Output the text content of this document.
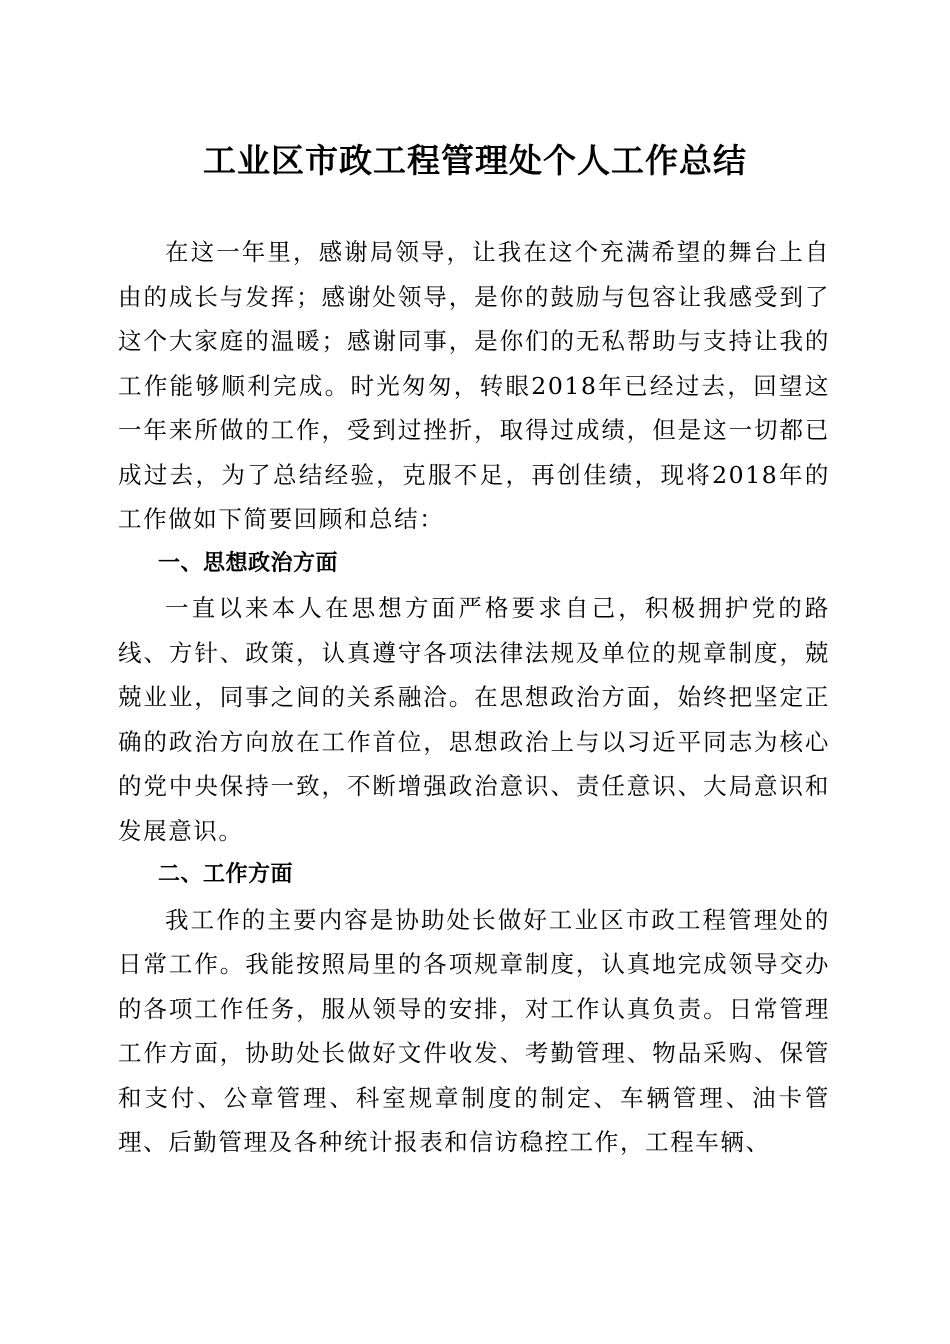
工业区市政工程管理处个人工作总结

在这一年里，感谢局领导，让我在这个充满希望的舞台上自由的成长与发挥；感谢处领导，是你的鼓励与包容让我感受到了这个大家庭的温暖；感谢同事，是你们的无私帮助与支持让我的工作能够顺利完成。时光匆匆，转眼2018年已经过去，回望这一年来所做的工作，受到过挫折，取得过成绩，但是这一切都已成过去，为了总结经验，克服不足，再创佳绩，现将2018年的工作做如下简要回顾和总结：

一、思想政治方面

一直以来本人在思想方面严格要求自己，积极拥护党的路线、方针、政策，认真遵守各项法律法规及单位的规章制度，兢兢业业，同事之间的关系融洽。在思想政治方面，始终把坚定正确的政治方向放在工作首位，思想政治上与以习近平同志为核心的党中央保持一致，不断增强政治意识、责任意识、大局意识和发展意识。

二、工作方面

我工作的主要内容是协助处长做好工业区市政工程管理处的日常工作。我能按照局里的各项规章制度，认真地完成领导交办的各项工作任务，服从领导的安排，对工作认真负责。日常管理工作方面，协助处长做好文件收发、考勤管理、物品采购、保管和支付、公章管理、科室规章制度的制定、车辆管理、油卡管理、后勤管理及各种统计报表和信访稳控工作，工程车辆、
